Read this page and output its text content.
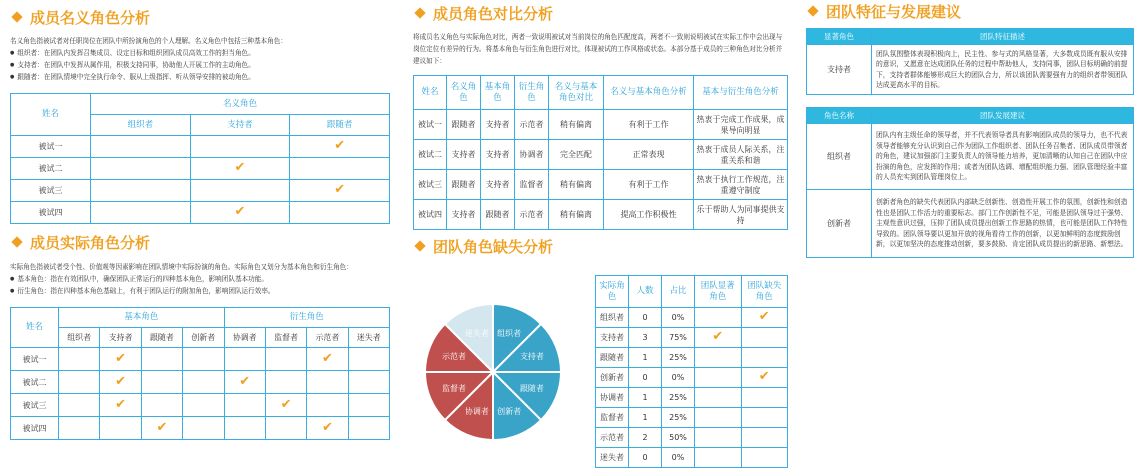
成员名义角色分析
名义角色指被试者对任职岗位在团队中所扮演角色的个人理解。名义角色中包括三种基本角色：
● 组织者：在团队内发挥召集成员、设定目标和组织团队成员高效工作的担当角色。
● 支持者：在团队中发挥从属作用，积极支持同事，协助他人开展工作的主动角色。
● 跟随者：在团队情境中完全执行命令、服从上级指挥、听从领导安排的被动角色。
姓名	名义角色		
	组织者	支持者	跟随者
被试一			✔
被试二		✔	
被试三			✔
被试四		✔	
成员实际角色分析
实际角色指被试者受个性、价值观等因素影响在团队情境中实际扮演的角色。实际角色又划分为基本角色和衍生角色：
● 基本角色：指在有效团队中，确保团队正常运行的四种基本角色，影响团队基本功能。
● 衍生角色：指在四种基本角色基础上，有利于团队运行的附加角色，影响团队运行效率。
姓名	基本角色				衍生角色			
	组织者	支持者	跟随者	创新者	协调者	监督者	示范者	迷失者
被试一		✔					✔	
被试二		✔			✔			
被试三		✔				✔		
被试四			✔				✔	
成员角色对比分析
将成员名义角色与实际角色对比，两者一致说明被试对当前岗位的角色匹配度高，两者不一致则说明被试在实际工作中会出现与岗位定位有差异的行为。将基本角色与衍生角色进行对比，体现被试的工作风格或状态。本部分基于成员的三种角色对比分析并建议如下：
姓名	名义角色	基本角色	衍生角色	名义与基本角色对比	名义与基本角色分析	基本与衍生角色分析
被试一	跟随者	支持者	示范者	稍有偏离	有利于工作	热衷于完成工作成果，成果导向明显
被试二	支持者	支持者	协调者	完全匹配	正常表现	热衷于成员人际关系，注重关系和谐
被试三	跟随者	支持者	监督者	稍有偏离	有利于工作	热衷于执行工作规范，注重遵守制度
被试四	支持者	跟随者	示范者	稍有偏离	提高工作积极性	乐于帮助人为同事提供支持
团队角色缺失分析
组织者
支持者
跟随者
创新者
协调者
监督者
示范者
迷失者
实际角色	人数	占比	团队显著角色	团队缺失角色
组织者	0	0%		✔
支持者	3	75%	✔	
跟随者	1	25%		
创新者	0	0%		✔
协调者	1	25%		
监督者	1	25%		
示范者	2	50%		
迷失者	0	0%		
团队特征与发展建议
显著角色	团队特征描述
支持者	团队氛围整体表现积极向上，民主性、参与式的风格显著，大多数成员既有服从安排的意识，又愿意在达成团队任务的过程中帮助他人，支持同事，团队目标明确的前提下，支持者群体能够形成巨大的团队合力，所以该团队需要强有力的组织者带领团队达成更高水平的目标。
角色名称	团队发展建议
组织者	团队内有主级任命的领导者，并不代表领导者具有影响团队成员的领导力，也不代表领导者能够充分认识到自己作为团队工作组织者、团队任务召集者、团队成员带领者的角色，建议加强部门主要负责人的领导能力培养，更加清晰的认知自己在团队中应扮演的角色，应发挥的作用；或者为团队选调、增配组织能力强、团队管理经验丰富的人员充实到团队管理岗位上。
创新者	创新者角色的缺失代表团队内部缺乏创新性、创造性开展工作的氛围，创新性和创造性也是团队工作活力的重要标志。部门工作创新性不足，可能是团队领导过于强势、主观性意识过强，压抑了团队成员提出创新工作思路的热情，也可能是团队工作特性导致的。团队领导要以更加开放的视角看待工作的创新，以更加鲜明的态度鼓励创新，以更加坚决的态度推动创新，要多鼓励、肯定团队成员提出的新思路、新想法。
